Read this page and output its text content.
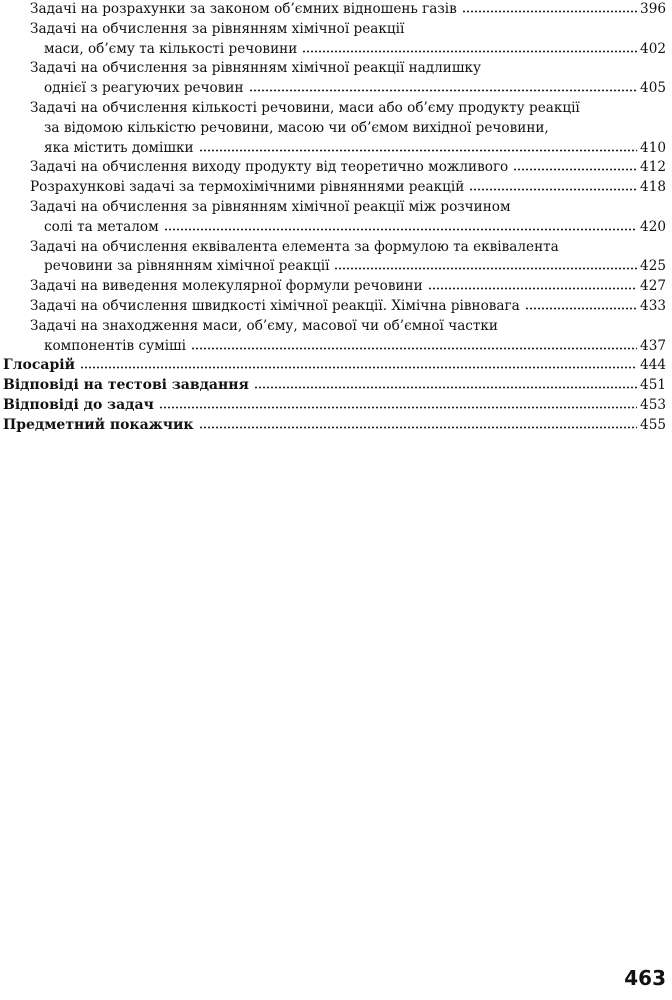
Задачі на розрахунки за законом об’ємних відношень газів	396
Задачі на обчислення за рівнянням хімічної реакції
маси, об’єму та кількості речовини	402
Задачі на обчислення за рівнянням хімічної реакції надлишку
однієї з реагуючих речовин	405
Задачі на обчислення кількості речовини, маси або об’єму продукту реакції
за відомою кількістю речовини, масою чи об’ємом вихідної речовини,
яка містить домішки	410
Задачі на обчислення виходу продукту від теоретично можливого	412
Розрахункові задачі за термохімічними рівняннями реакцій	418
Задачі на обчислення за рівнянням хімічної реакції між розчином
солі та металом	420
Задачі на обчислення еквівалента елемента за формулою та еквівалента
речовини за рівнянням хімічної реакції	425
Задачі на виведення молекулярної формули речовини	427
Задачі на обчислення швидкості хімічної реакції. Хімічна рівновага	433
Задачі на знаходження маси, об’єму, масової чи об’ємної частки
компонентів суміші	437
Глосарій	444
Відповіді на тестові завдання	451
Відповіді до задач	453
Предметний покажчик	455
463
